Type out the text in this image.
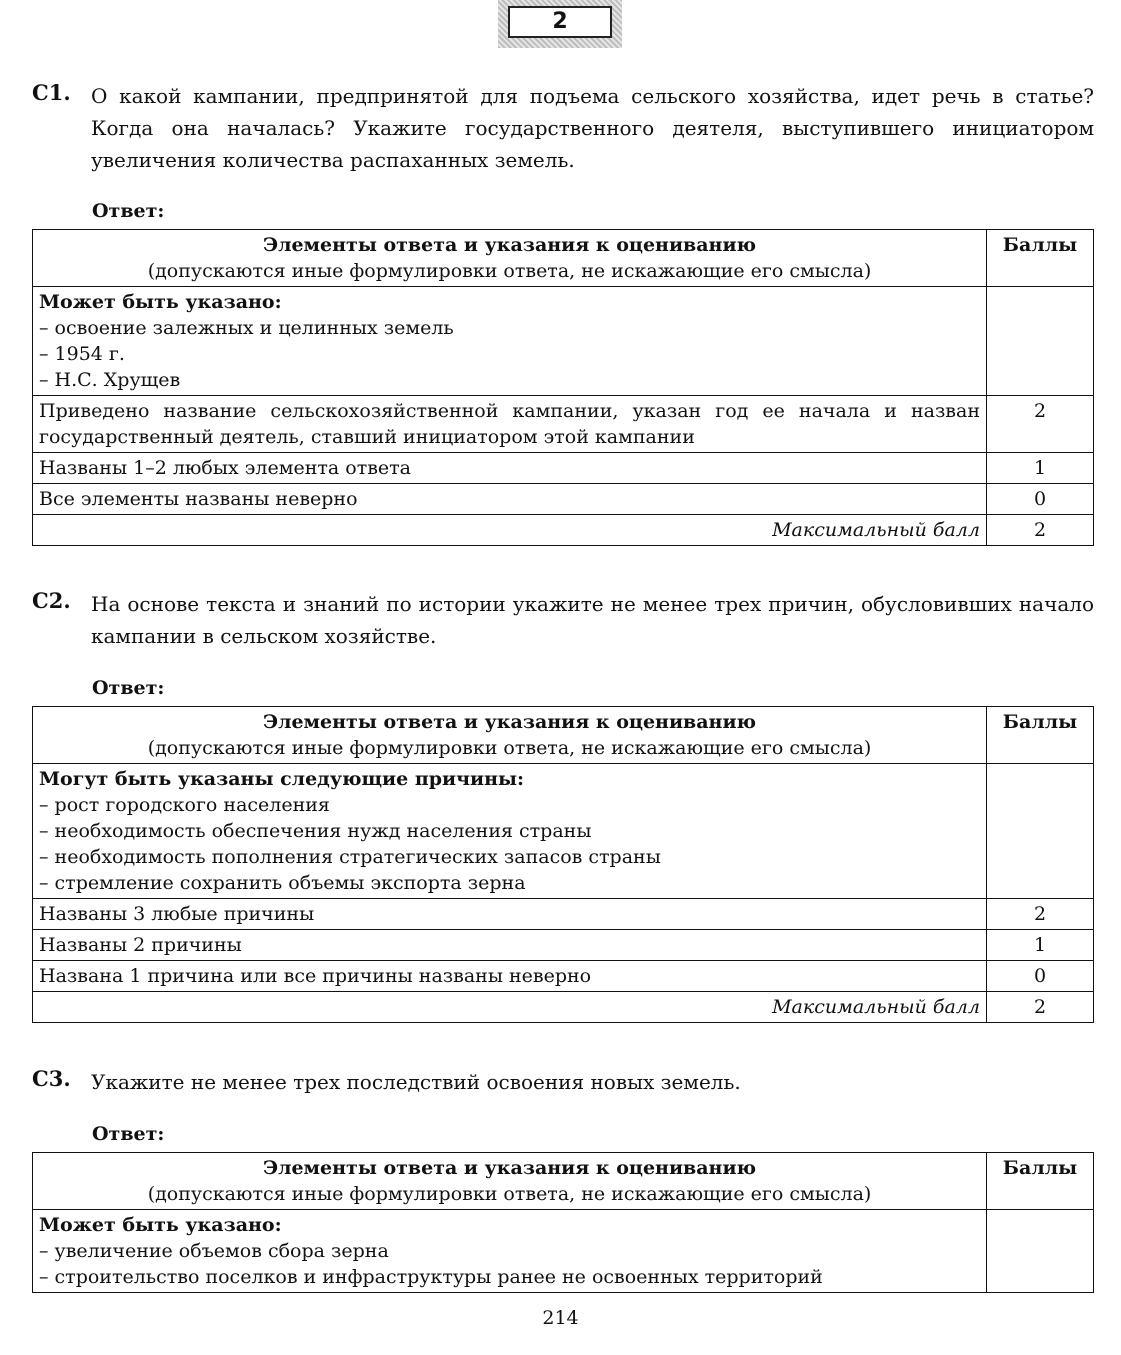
2
С1. О какой кампании, предпринятой для подъема сельского хозяйства, идет речь в статье? Когда она началась? Укажите государственного деятеля, выступившего инициатором увеличения количества распаханных земель.
Ответ:
Элементы ответа и указания к оцениванию
(допускаются иные формулировки ответа, не искажающие его смысла)	Баллы

Может быть указано:
– освоение залежных и целинных земель
– 1954 г.
– Н.С. Хрущев	

Приведено название сельскохозяйственной кампании, указан год ее начала и назван государственный деятель, ставший инициатором этой кампании	2
Названы 1–2 любых элемента ответа	1
Все элементы названы неверно	0
Максимальный балл	2
С2. На основе текста и знаний по истории укажите не менее трех причин, обусловивших начало кампании в сельском хозяйстве.
Ответ:
Элементы ответа и указания к оцениванию
(допускаются иные формулировки ответа, не искажающие его смысла)	Баллы

Могут быть указаны следующие причины:
– рост городского населения
– необходимость обеспечения нужд населения страны
– необходимость пополнения стратегических запасов страны
– стремление сохранить объемы экспорта зерна	

Названы 3 любые причины	2
Названы 2 причины	1
Названа 1 причина или все причины названы неверно	0
Максимальный балл	2
С3. Укажите не менее трех последствий освоения новых земель.
Ответ:
Элементы ответа и указания к оцениванию
(допускаются иные формулировки ответа, не искажающие его смысла)	Баллы

Может быть указано:
– увеличение объемов сбора зерна
– строительство поселков и инфраструктуры ранее не освоенных территорий	

214
